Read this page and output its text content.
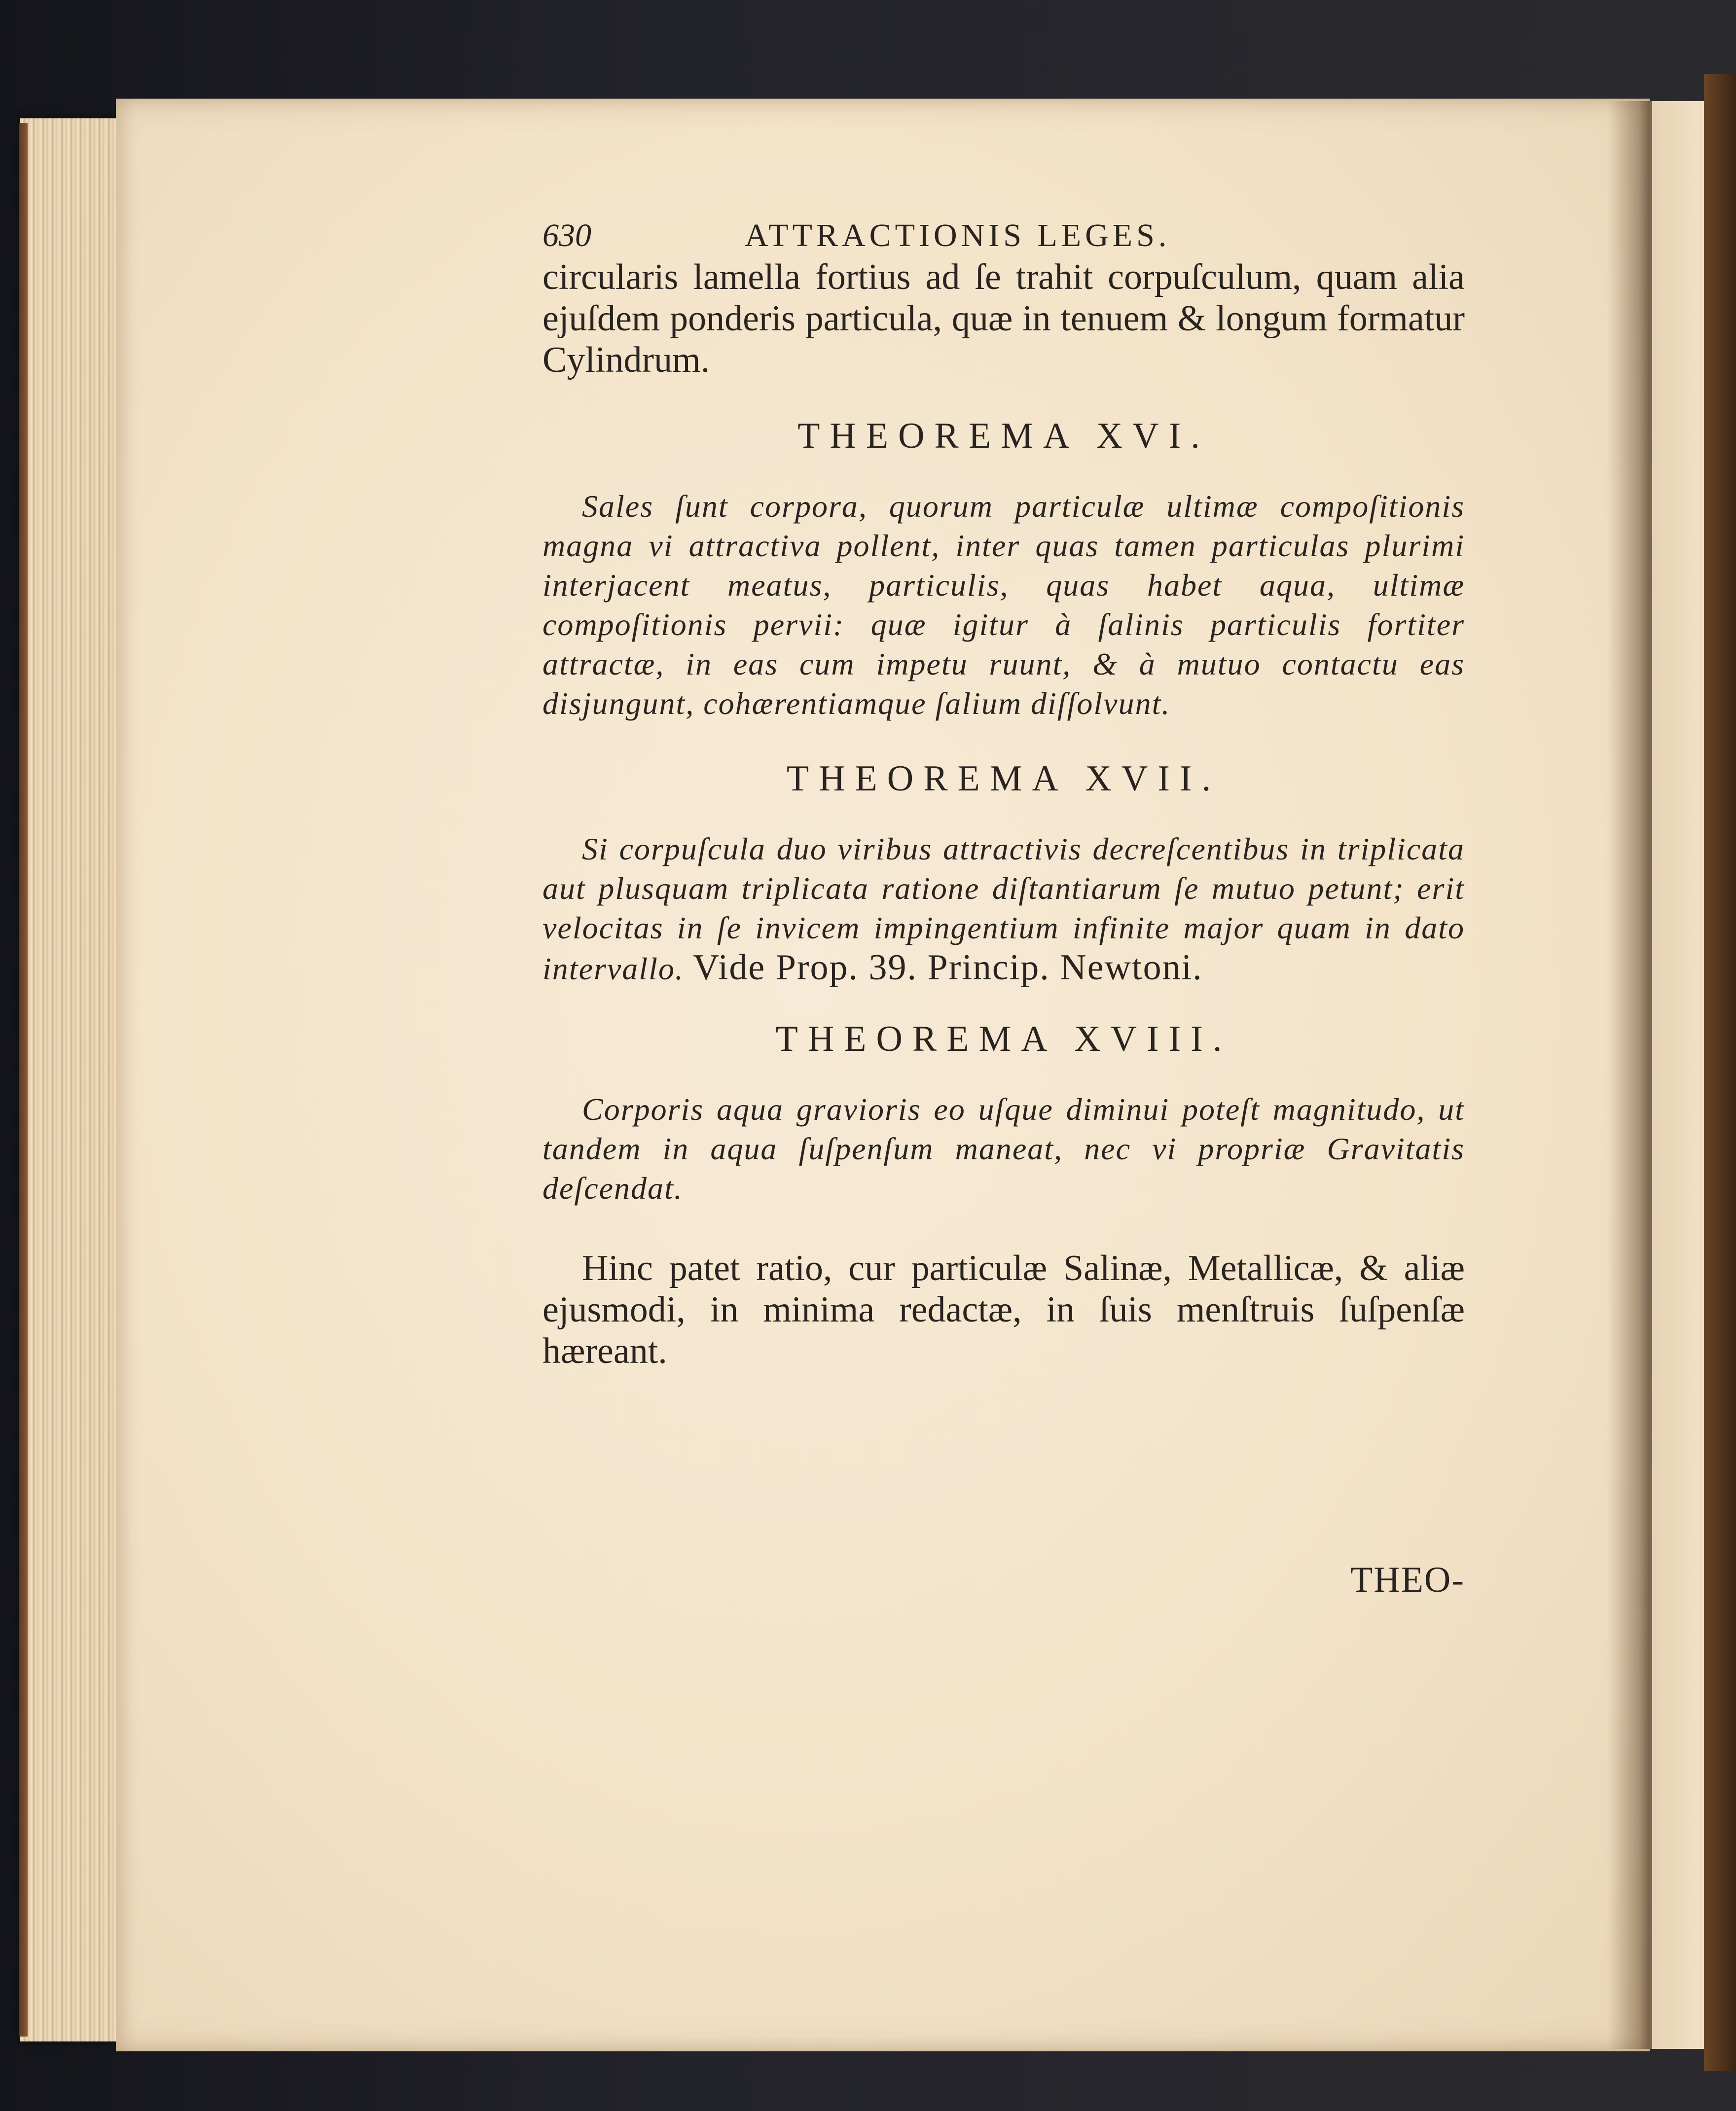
630	ATTRACTIONIS LEGES.

circularis lamella fortius ad ſe trahit corpuſculum, quam alia ejuſdem ponderis particula, quæ in tenuem & longum formatur Cylindrum.

THEOREMA XVI.

Sales ſunt corpora, quorum particulæ ultimæ compoſitionis magna vi attractiva pollent, inter quas tamen particulas plurimi interjacent meatus, particulis, quas habet aqua, ultimæ compoſitionis pervii: quæ igitur à ſalinis particulis fortiter attractæ, in eas cum impetu ruunt, & à mutuo contactu eas disjungunt, cohærentiamque ſalium diſſolvunt.

THEOREMA XVII.

Si corpuſcula duo viribus attractivis decreſcentibus in triplicata aut plusquam triplicata ratione diſtantiarum ſe mutuo petunt; erit velocitas in ſe invicem impingentium infinite major quam in dato intervallo. Vide Prop. 39. Princip. Newtoni.

THEOREMA XVIII.

Corporis aqua gravioris eo uſque diminui poteſt magnitudo, ut tandem in aqua ſuſpenſum maneat, nec vi propriæ Gravitatis deſcendat.

Hinc patet ratio, cur particulæ Salinæ, Metallicæ, & aliæ ejusmodi, in minima redactæ, in ſuis menſtruis ſuſpenſæ hæreant.

THEO-
